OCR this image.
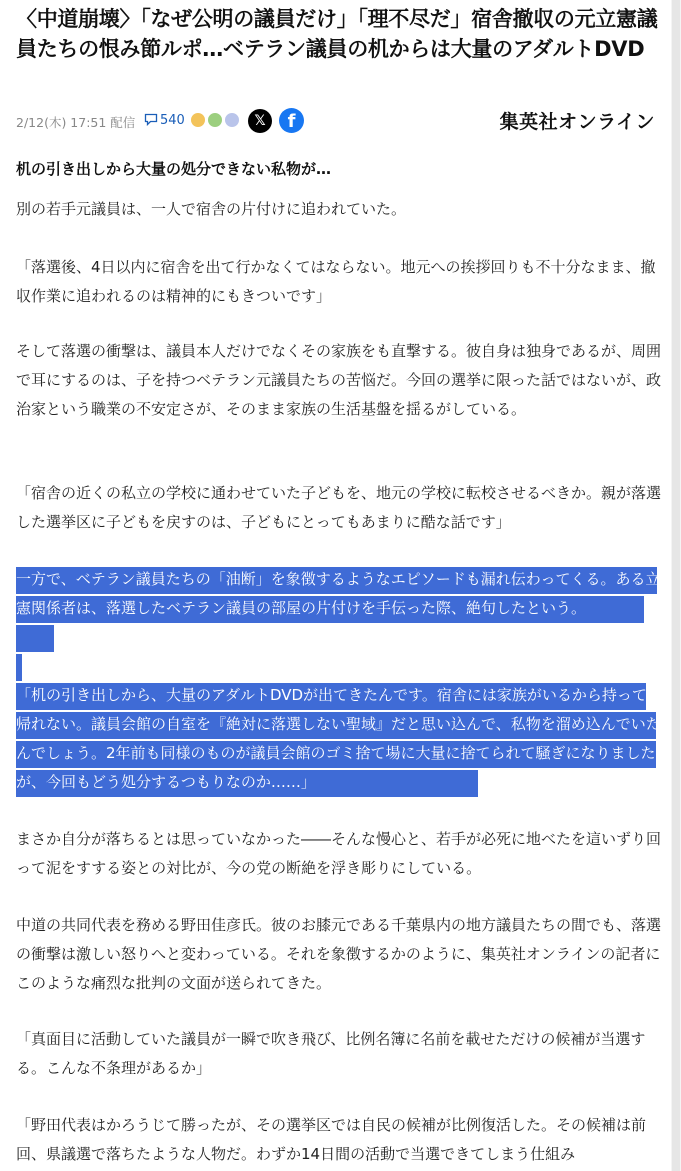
〈中道崩壊〉「なぜ公明の議員だけ」「理不尽だ」宿舎撤収の元立憲議員たちの恨み節ルポ…ベテラン議員の机からは大量のアダルトDVD
2/12(木) 17:51 配信	540
	𝕏	f	集英社オンライン
机の引き出しから大量の処分できない私物が…

別の若手元議員は、一人で宿舎の片付けに追われていた。

「落選後、4日以内に宿舎を出て行かなくてはならない。地元への挨拶回りも不十分なまま、撤収作業に追われるのは精神的にもきついです」

そして落選の衝撃は、議員本人だけでなくその家族をも直撃する。彼自身は独身であるが、周囲で耳にするのは、子を持つベテラン元議員たちの苦悩だ。今回の選挙に限った話ではないが、政治家という職業の不安定さが、そのまま家族の生活基盤を揺るがしている。

「宿舎の近くの私立の学校に通わせていた子どもを、地元の学校に転校させるべきか。親が落選した選挙区に子どもを戻すのは、子どもにとってもあまりに酷な話です」

一方で、ベテラン議員たちの「油断」を象徴するようなエピソードも漏れ伝わってくる。ある立憲関係者は、落選したベテラン議員の部屋の片付けを手伝った際、絶句したという。

「机の引き出しから、大量のアダルトDVDが出てきたんです。宿舎には家族がいるから持って帰れない。議員会館の自室を『絶対に落選しない聖域』だと思い込んで、私物を溜め込んでいたんでしょう。2年前も同様のものが議員会館のゴミ捨て場に大量に捨てられて騒ぎになりましたが、今回もどう処分するつもりなのか……」

まさか自分が落ちるとは思っていなかった――そんな慢心と、若手が必死に地べたを這いずり回って泥をすする姿との対比が、今の党の断絶を浮き彫りにしている。

中道の共同代表を務める野田佳彦氏。彼のお膝元である千葉県内の地方議員たちの間でも、落選の衝撃は激しい怒りへと変わっている。それを象徴するかのように、集英社オンラインの記者にこのような痛烈な批判の文面が送られてきた。

「真面目に活動していた議員が一瞬で吹き飛び、比例名簿に名前を載せただけの候補が当選する。こんな不条理があるか」

「野田代表はかろうじて勝ったが、その選挙区では自民の候補が比例復活した。その候補は前回、県議選で落ちたような人物だ。わずか14日間の活動で当選できてしまう仕組み
